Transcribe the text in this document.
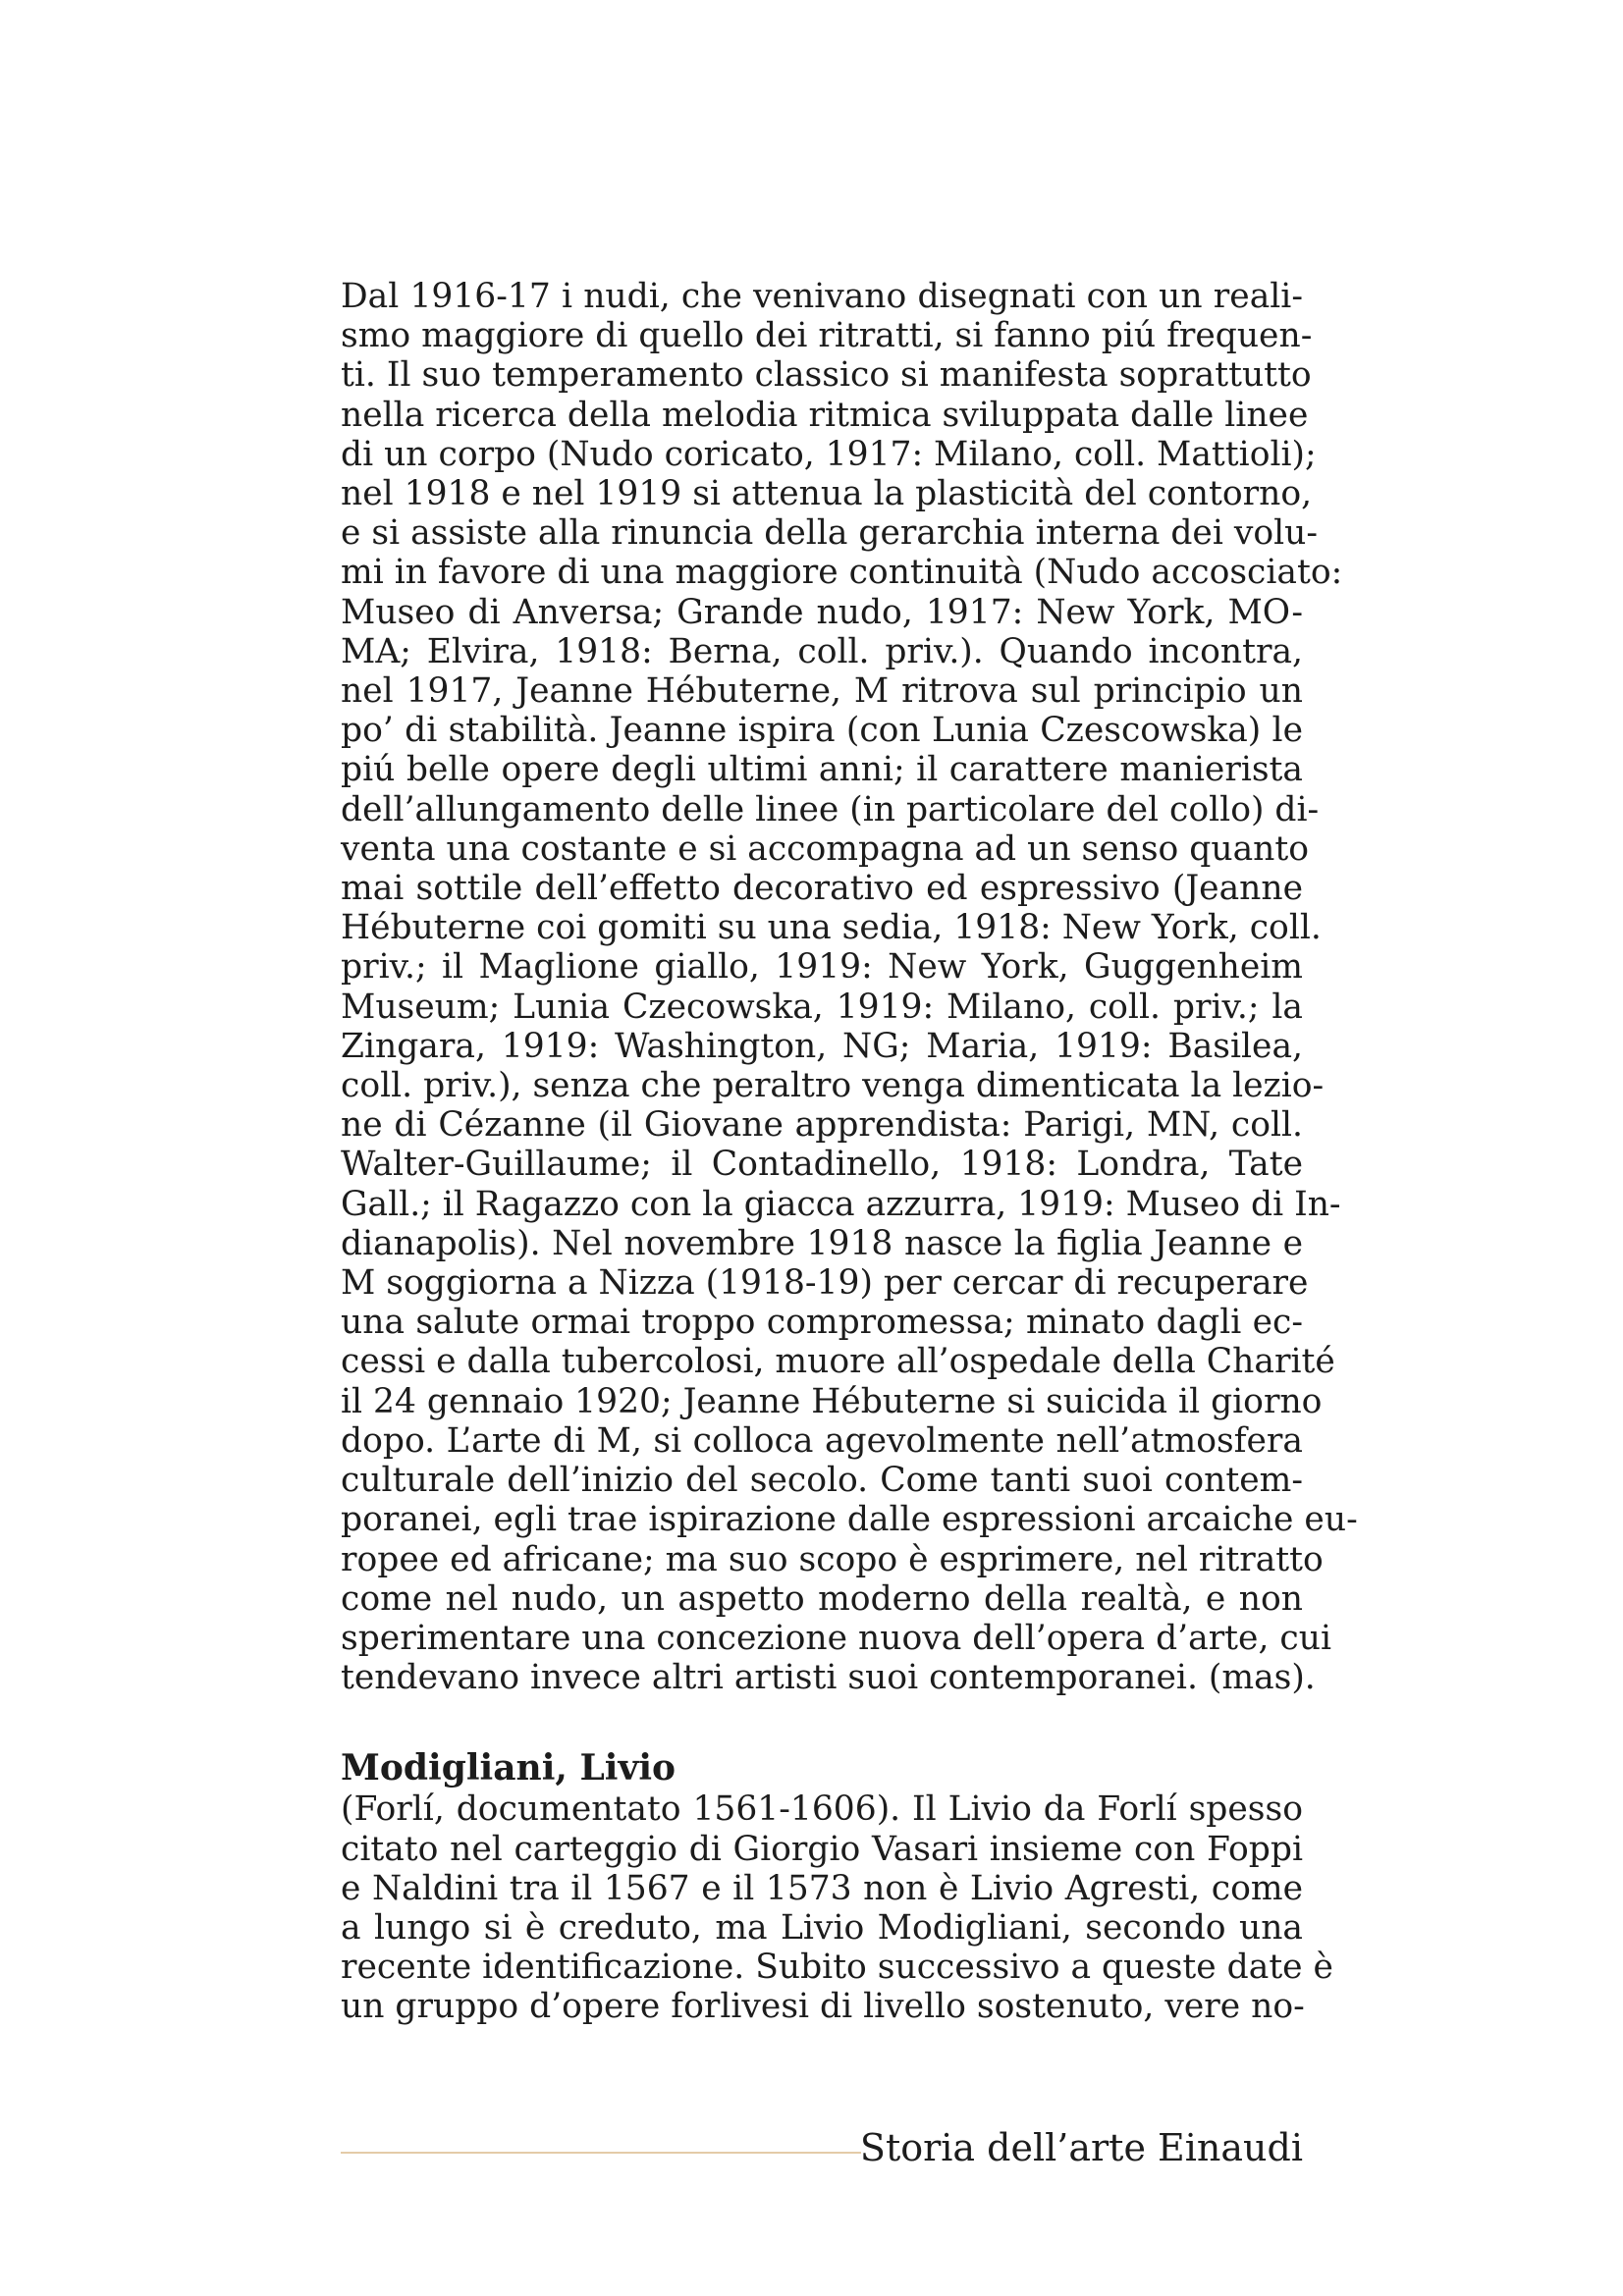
Dal 1916-17 i nudi, che venivano disegnati con un reali-
smo maggiore di quello dei ritratti, si fanno piú frequen-
ti. Il suo temperamento classico si manifesta soprattutto
nella ricerca della melodia ritmica sviluppata dalle linee
di un corpo (Nudo coricato, 1917: Milano, coll. Mattioli);
nel 1918 e nel 1919 si attenua la plasticità del contorno,
e si assiste alla rinuncia della gerarchia interna dei volu-
mi in favore di una maggiore continuità (Nudo accosciato:
Museo di Anversa; Grande nudo, 1917: New York, MO-
MA; Elvira, 1918: Berna, coll. priv.). Quando incontra,
nel 1917, Jeanne Hébuterne, M ritrova sul principio un
po’ di stabilità. Jeanne ispira (con Lunia Czescowska) le
piú belle opere degli ultimi anni; il carattere manierista
dell’allungamento delle linee (in particolare del collo) di-
venta una costante e si accompagna ad un senso quanto
mai sottile dell’effetto decorativo ed espressivo (Jeanne
Hébuterne coi gomiti su una sedia, 1918: New York, coll.
priv.; il Maglione giallo, 1919: New York, Guggenheim
Museum; Lunia Czecowska, 1919: Milano, coll. priv.; la
Zingara, 1919: Washington, NG; Maria, 1919: Basilea,
coll. priv.), senza che peraltro venga dimenticata la lezio-
ne di Cézanne (il Giovane apprendista: Parigi, MN, coll.
Walter-Guillaume; il Contadinello, 1918: Londra, Tate
Gall.; il Ragazzo con la giacca azzurra, 1919: Museo di In-
dianapolis). Nel novembre 1918 nasce la figlia Jeanne e
M soggiorna a Nizza (1918-19) per cercar di recuperare
una salute ormai troppo compromessa; minato dagli ec-
cessi e dalla tubercolosi, muore all’ospedale della Charité
il 24 gennaio 1920; Jeanne Hébuterne si suicida il giorno
dopo. L’arte di M, si colloca agevolmente nell’atmosfera
culturale dell’inizio del secolo. Come tanti suoi contem-
poranei, egli trae ispirazione dalle espressioni arcaiche eu-
ropee ed africane; ma suo scopo è esprimere, nel ritratto
come nel nudo, un aspetto moderno della realtà, e non
sperimentare una concezione nuova dell’opera d’arte, cui
tendevano invece altri artisti suoi contemporanei. (mas).

Modigliani, Livio

(Forlí, documentato 1561-1606). Il Livio da Forlí spesso
citato nel carteggio di Giorgio Vasari insieme con Foppi
e Naldini tra il 1567 e il 1573 non è Livio Agresti, come
a lungo si è creduto, ma Livio Modigliani, secondo una
recente identificazione. Subito successivo a queste date è
un gruppo d’opere forlivesi di livello sostenuto, vere no-

Storia dell’arte Einaudi
